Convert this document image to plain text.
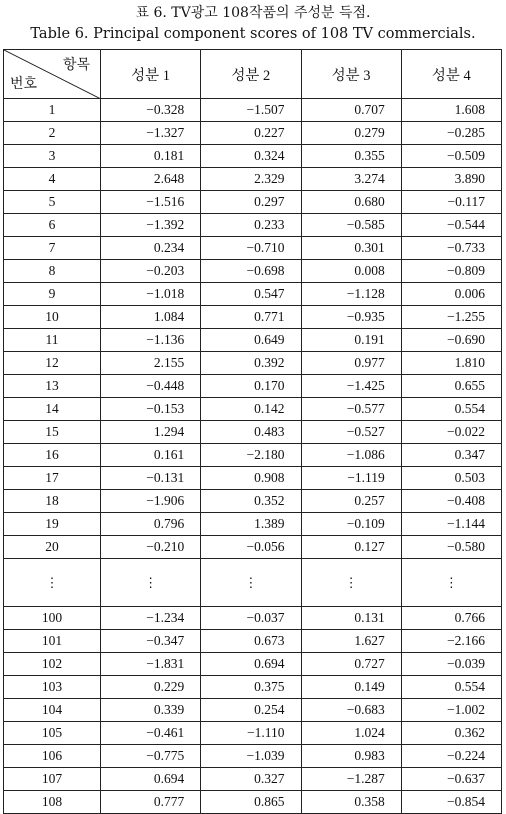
표 6. TV광고 108작품의 주성분 득점.
Table 6. Principal component scores of 108 TV commercials.
항목
번호	성분 1	성분 2	성분 3	성분 4
1	−0.328	−1.507	0.707	1.608
2	−1.327	0.227	0.279	−0.285
3	0.181	0.324	0.355	−0.509
4	2.648	2.329	3.274	3.890
5	−1.516	0.297	0.680	−0.117
6	−1.392	0.233	−0.585	−0.544
7	0.234	−0.710	0.301	−0.733
8	−0.203	−0.698	0.008	−0.809
9	−1.018	0.547	−1.128	0.006
10	1.084	0.771	−0.935	−1.255
11	−1.136	0.649	0.191	−0.690
12	2.155	0.392	0.977	1.810
13	−0.448	0.170	−1.425	0.655
14	−0.153	0.142	−0.577	0.554
15	1.294	0.483	−0.527	−0.022
16	0.161	−2.180	−1.086	0.347
17	−0.131	0.908	−1.119	0.503
18	−1.906	0.352	0.257	−0.408
19	0.796	1.389	−0.109	−1.144
20	−0.210	−0.056	0.127	−0.580
⋮	⋮	⋮	⋮	⋮
100	−1.234	−0.037	0.131	0.766
101	−0.347	0.673	1.627	−2.166
102	−1.831	0.694	0.727	−0.039
103	0.229	0.375	0.149	0.554
104	0.339	0.254	−0.683	−1.002
105	−0.461	−1.110	1.024	0.362
106	−0.775	−1.039	0.983	−0.224
107	0.694	0.327	−1.287	−0.637
108	0.777	0.865	0.358	−0.854
